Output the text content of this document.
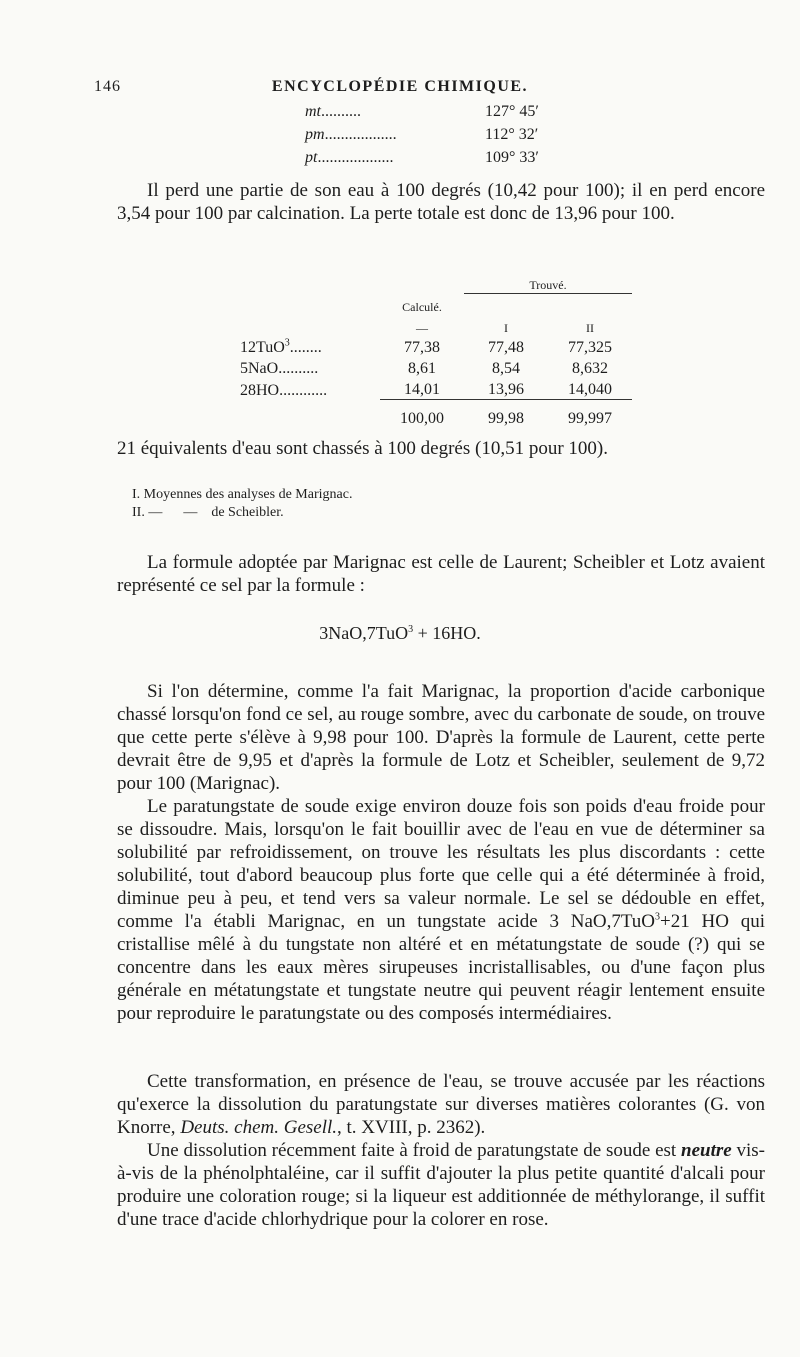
146	ENCYCLOPÉDIE CHIMIQUE.
mt..........	127° 45′
pm..................	112° 32′
pt...................	109° 33′

Il perd une partie de son eau à 100 degrés (10,42 pour 100); il en perd encore 3,54 pour 100 par calcination. La perte totale est donc de 13,96 pour 100.

		Trouvé.	
	Calculé.		
	—	I	II
12TuO$^3$........	77,38	77,48	77,325
5NaO..........	8,61	8,54	8,632
28HO............	14,01	13,96	14,040
	100,00	99,98	99,997

21 équivalents d'eau sont chassés à 100 degrés (10,51 pour 100).

I. Moyennes des analyses de Marignac.
II. —      —    de Scheibler.

La formule adoptée par Marignac est celle de Laurent; Scheibler et Lotz avaient représenté ce sel par la formule :

3NaO,7TuO$^3$ + 16HO.

Si l'on détermine, comme l'a fait Marignac, la proportion d'acide carbonique chassé lorsqu'on fond ce sel, au rouge sombre, avec du carbonate de soude, on trouve que cette perte s'élève à 9,98 pour 100. D'après la formule de Laurent, cette perte devrait être de 9,95 et d'après la formule de Lotz et Scheibler, seulement de 9,72 pour 100 (Marignac).

Le paratungstate de soude exige environ douze fois son poids d'eau froide pour se dissoudre. Mais, lorsqu'on le fait bouillir avec de l'eau en vue de déterminer sa solubilité par refroidissement, on trouve les résultats les plus discordants : cette solubilité, tout d'abord beaucoup plus forte que celle qui a été déterminée à froid, diminue peu à peu, et tend vers sa valeur normale. Le sel se dédouble en effet, comme l'a établi Marignac, en un tungstate acide 3 NaO,7TuO$^3$+21 HO qui cristallise mêlé à du tungstate non altéré et en métatungstate de soude (?) qui se concentre dans les eaux mères sirupeuses incristallisables, ou d'une façon plus générale en métatungstate et tungstate neutre qui peuvent réagir lentement ensuite pour reproduire le paratungstate ou des composés intermédiaires.

Cette transformation, en présence de l'eau, se trouve accusée par les réactions qu'exerce la dissolution du paratungstate sur diverses matières colorantes (G. von Knorre, Deuts. chem. Gesell., t. XVIII, p. 2362).

Une dissolution récemment faite à froid de paratungstate de soude est neutre vis-à-vis de la phénolphtaléine, car il suffit d'ajouter la plus petite quantité d'alcali pour produire une coloration rouge; si la liqueur est additionnée de méthylorange, il suffit d'une trace d'acide chlorhydrique pour la colorer en rose.
